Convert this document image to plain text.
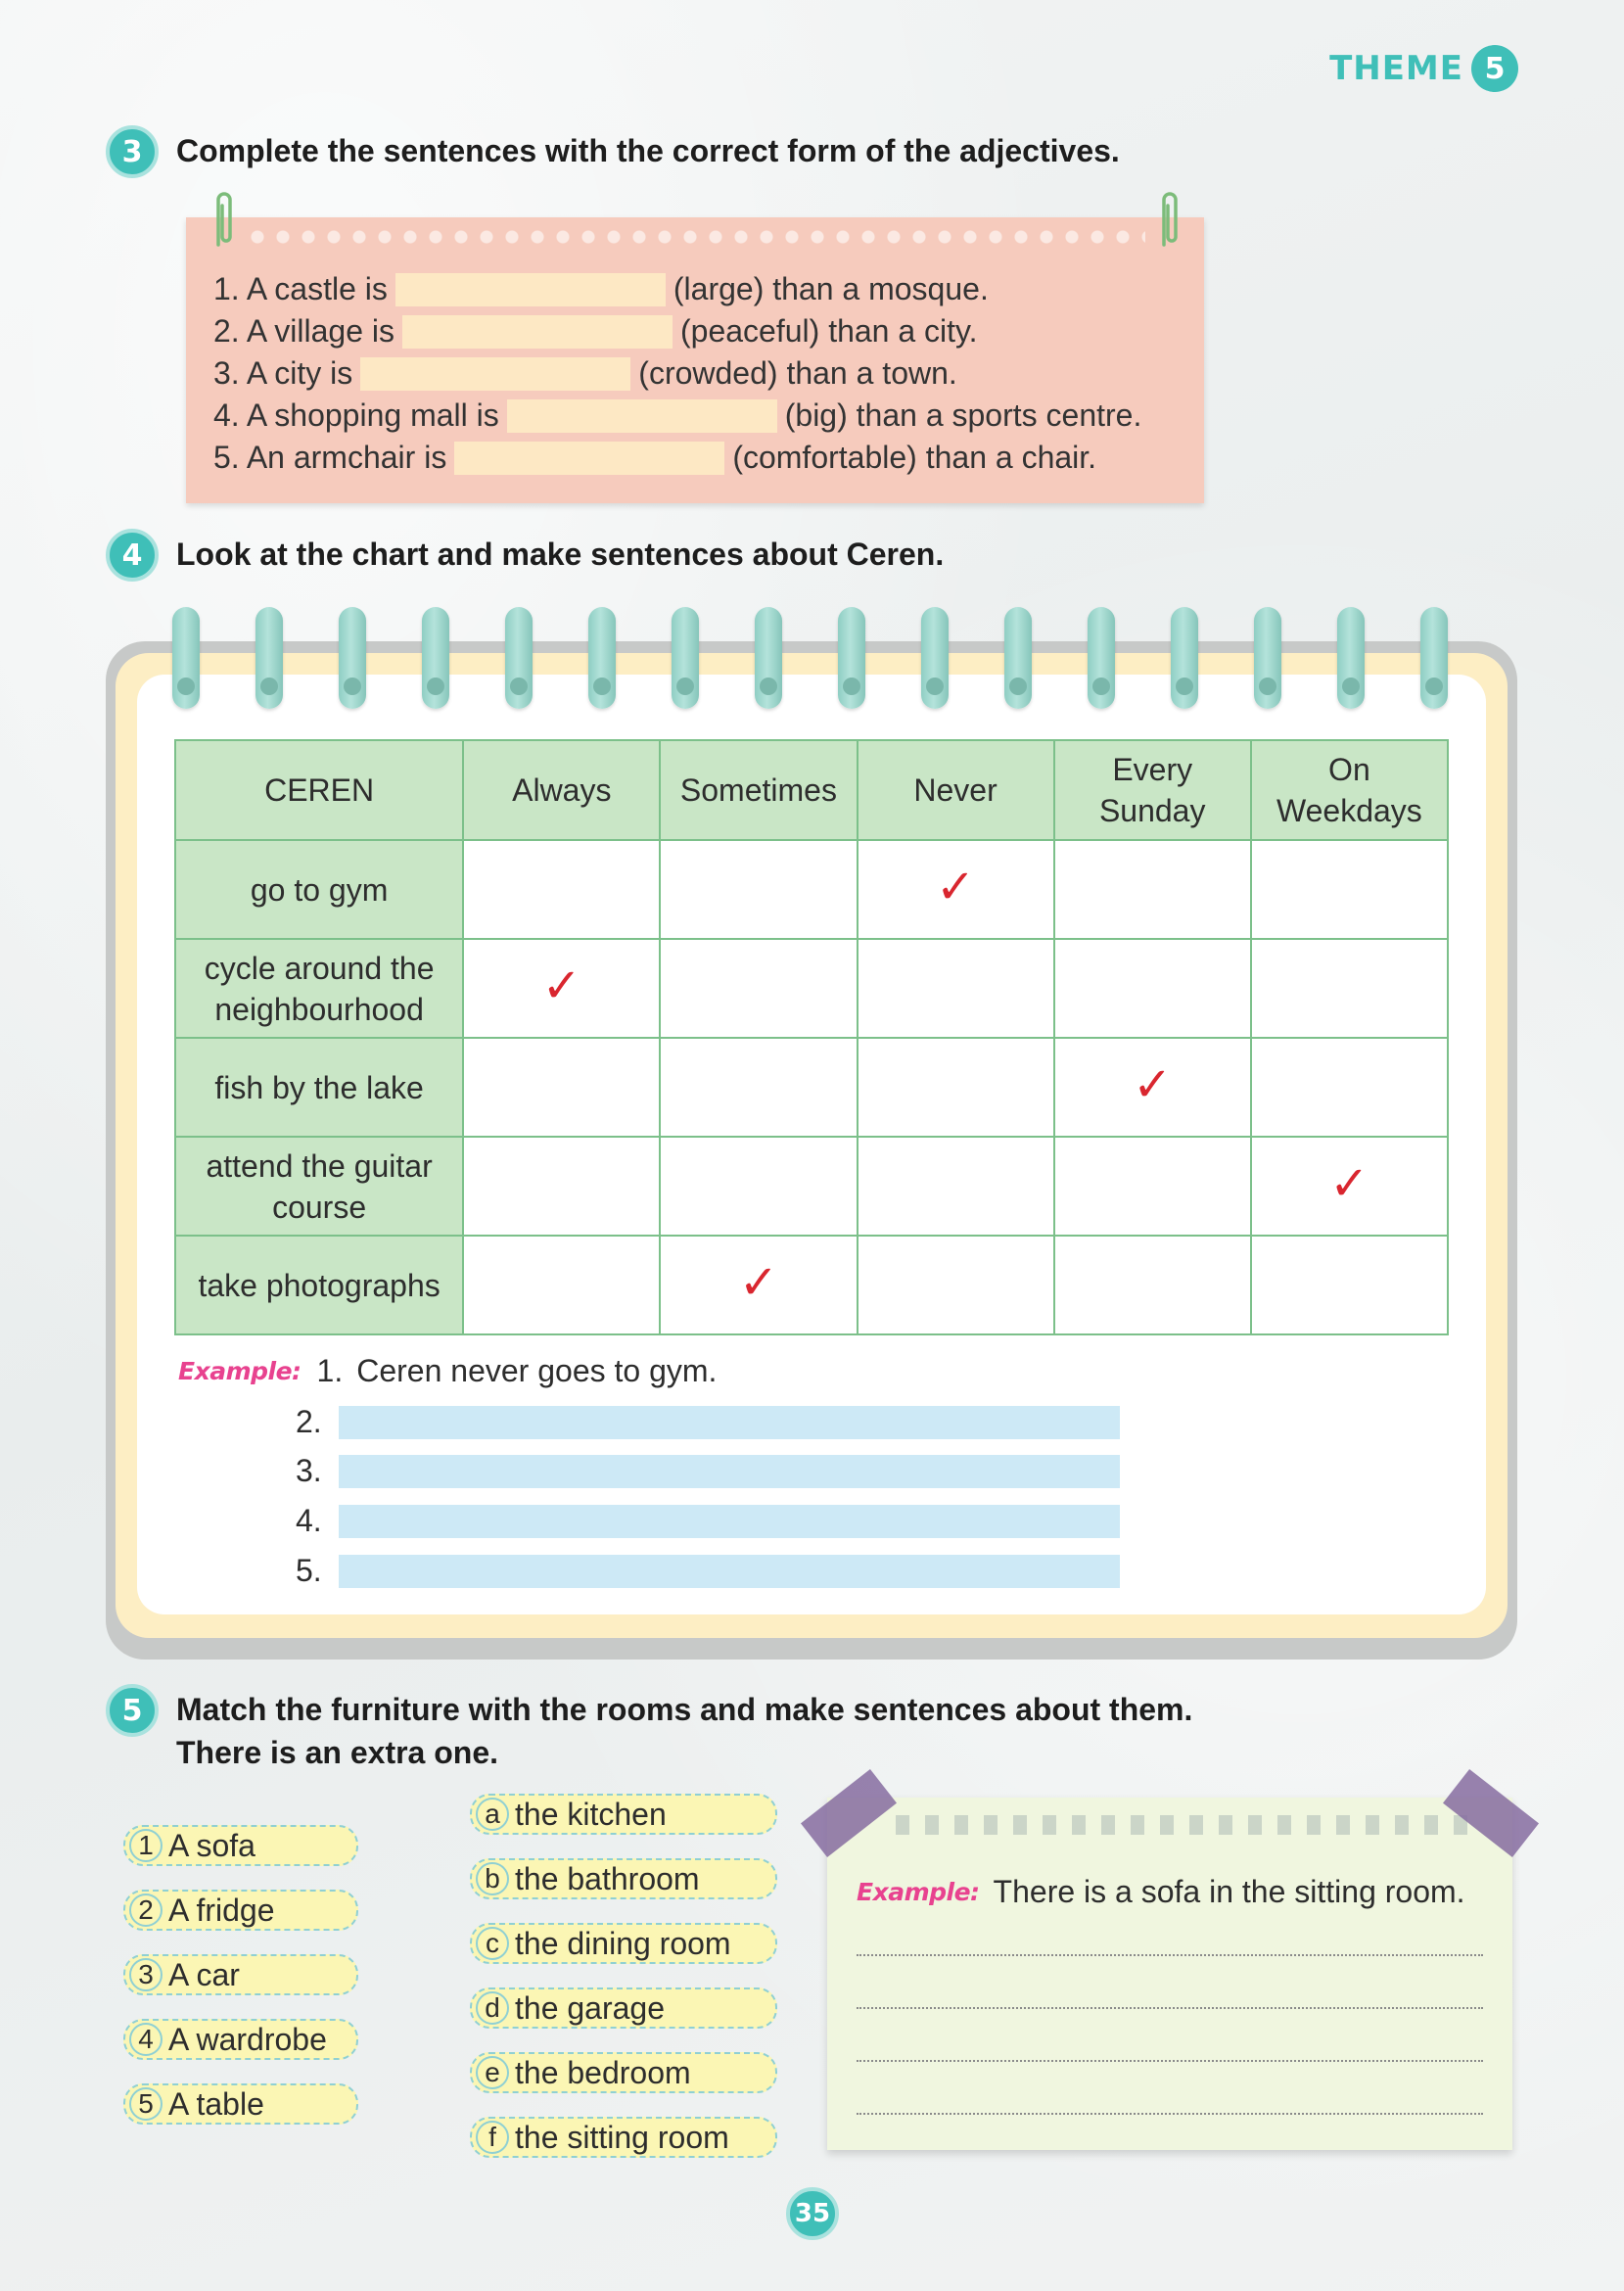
THEME 5
3	Complete the sentences with the correct form of the adjectives.
1. A castle is	(large) than a mosque.
2. A village is	(peaceful) than a city.
3. A city is	(crowded) than a town.
4. A shopping mall is	(big) than a sports centre.
5. An armchair is	(comfortable) than a chair.
4	Look at the chart and make sentences about Ceren.
CEREN	Always	Sometimes	Never	Every Sunday	On Weekdays
go to gym			✓		
cycle around the neighbourhood	✓				
fish by the lake				✓	
attend the guitar course					✓
take photographs		✓			
Example: 1. Ceren never goes to gym.
2.
3.
4.
5.
5	Match the furniture with the rooms and make sentences about them.
There is an extra one.
1 A sofa
2 A fridge
3 A car
4 A wardrobe
5 A table
a the kitchen
b the bathroom
c the dining room
d the garage
e the bedroom
f the sitting room
Example: There is a sofa in the sitting room.
35
